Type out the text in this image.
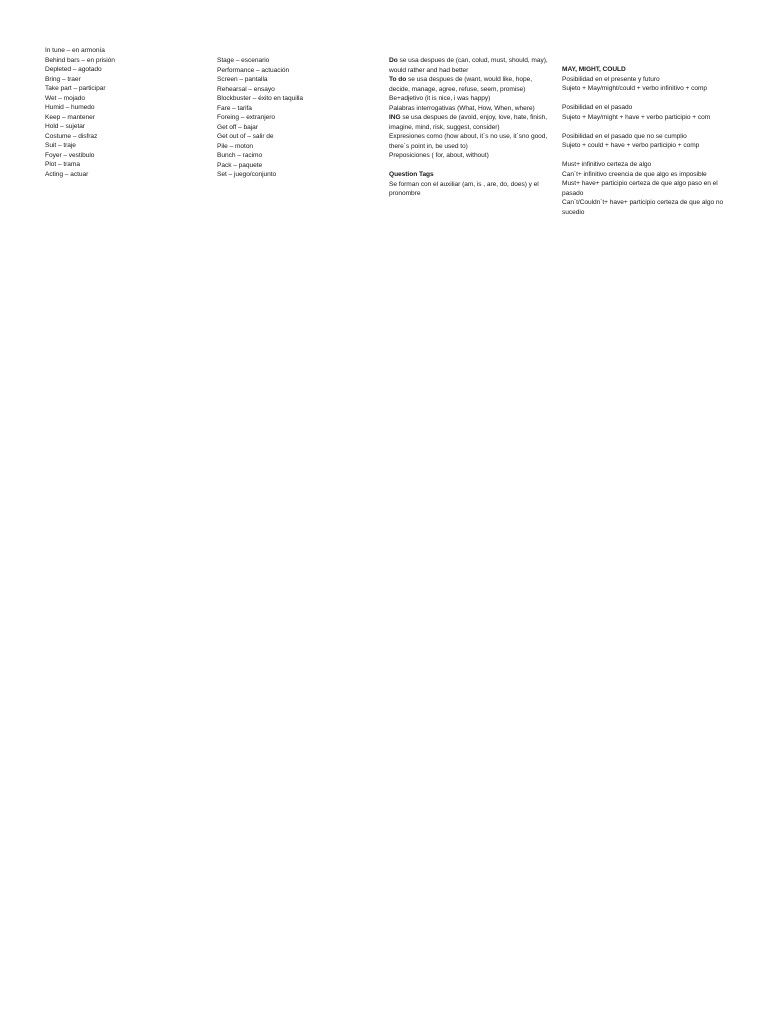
In tune – en armonía
Behind bars – en prisión
Depleted – agotado
Bring – traer
Take part – participar
Wet – mojado
Humid – humedo
Keep – mantener
Hold – sujetar
Costume – disfraz
Suit – traje
Foyer – vestibulo
Plot – trama
Acting – actuar
Stage – escenario
Performance – actuación
Screen – pantalla
Rehearsal – ensayo
Blockbuster – éxito en taquilla
Fare – tarifa
Foreing – extranjero
Get off – bajar
Get out of – salir de
Pile – moton
Bunch – racimo
Pack – paquete
Set – juego/conjunto
Do se usa despues de (can, colud, must, should, may), would rather and had better
To do se usa despues de (want, would like, hope, decide, manage, agree, refuse, seem, promise)
Be+adjetivo (it is nice, i was happy)
Palabras interrogativas (What, How, When, where)
ING se usa despues de (avoid, enjoy, love, hate, finish, imagine, mind, risk, suggest, consider)
Expresiones como (how about, it´s no use, it´sno good, there´s point in, be used to)
Preposiciones ( for, about, without)
Question Tags
Se forman con el auxiliar (am, is , are, do, does) y el pronombre
MAY, MIGHT, COULD
Posibilidad en el presente y futuro
Sujeto + May/might/could + verbo infinitivo + comp
Posibilidad en el pasado
Sujeto + May/might + have + verbo participio + com
Posibilidad en el pasado que no se cumplio
Sujeto + could + have + verbo participio + comp
Must+ infinitivo certeza de algo
Can´t+ infinitivo creencia de que algo es imposible
Must+ have+ participio certeza de que algo paso en el pasado
Can´t/Couldn´t+ have+ participio certeza de que algo no sucedio
